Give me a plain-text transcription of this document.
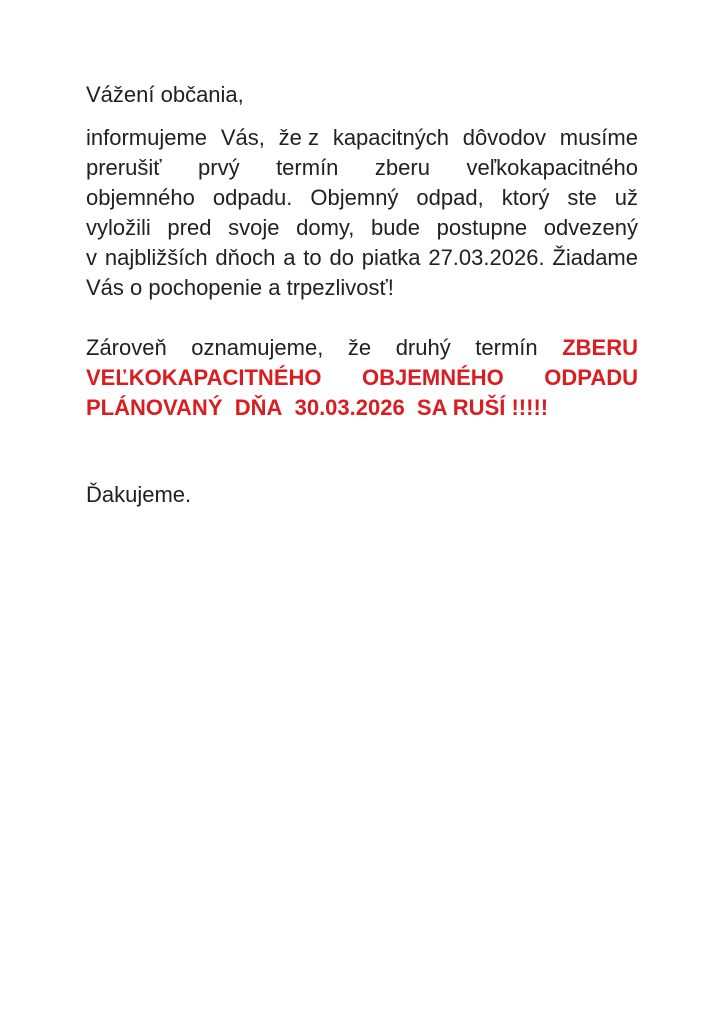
Vážení občania,

informujeme Vás, že z kapacitných dôvodov musíme
prerušiť prvý termín zberu veľkokapacitného
objemného odpadu. Objemný odpad, ktorý ste už
vyložili pred svoje domy, bude postupne odvezený
v najbližších dňoch a to do piatka 27.03.2026. Žiadame
Vás o pochopenie a trpezlivosť!
Zároveň oznamujeme, že druhý termín ZBERU
VEĽKOKAPACITNÉHO OBJEMNÉHO ODPADU
PLÁNOVANÝ  DŇA  30.03.2026  SA RUŠÍ !!!!!

Ďakujeme.
